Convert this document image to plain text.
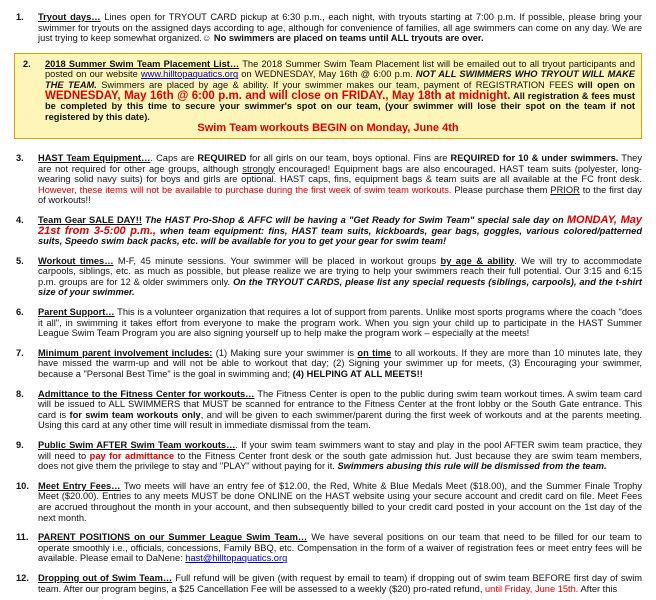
1.	Tryout days… Lines open for TRYOUT CARD pickup at 6:30 p.m., each night, with tryouts starting at 7:00 p.m. If possible, please bring your swimmer for tryouts on the assigned days according to age, although for convenience of families, all age swimmers can come on any day. We are just trying to keep somewhat organized.☺ No swimmers are placed on teams until ALL tryouts are over.
2.	2018 Summer Swim Team Placement List… The 2018 Summer Swim Team Placement list will be emailed out to all tryout participants and posted on our website www.hilltopaquatics.org on WEDNESDAY, May 16th @ 6:00 p.m. NOT ALL SWIMMERS WHO TRYOUT WILL MAKE THE TEAM. Swimmers are placed by age & ability. If your swimmer makes our team, payment of REGISTRATION FEES will open on WEDNESDAY, May 16th @ 6:00 p.m. and will close on FRIDAY., May 18th at midnight. All registration & fees must be completed by this time to secure your swimmer's spot on our team, (your swimmer will lose their spot on the team if not registered by this date).
Swim Team workouts BEGIN on Monday, June 4th
3.	HAST Team Equipment…. Caps are REQUIRED for all girls on our team, boys optional. Fins are REQUIRED for 10 & under swimmers. They are not required for other age groups, although strongly encouraged! Equipment bags are also encouraged. HAST team suits (polyester, long-wearing solid navy suits) for boys and girls are optional. HAST caps, fins, equipment bags & team suits are all available at the FC front desk. However, these items will not be available to purchase during the first week of swim team workouts. Please purchase them PRIOR to the first day of workouts!!
4.	Team Gear SALE DAY!! The HAST Pro-Shop & AFFC will be having a "Get Ready for Swim Team" special sale day on MONDAY, May 21st from 3-5:00 p.m., when team equipment: fins, HAST team suits, kickboards, gear bags, goggles, various colored/patterned suits, Speedo swim back packs, etc. will be available for you to get your gear for swim team!
5.	Workout times… M-F, 45 minute sessions. Your swimmer will be placed in workout groups by age & ability. We will try to accommodate carpools, siblings, etc. as much as possible, but please realize we are trying to help your swimmers reach their full potential. Our 3:15 and 6:15 p.m. groups are for 12 & older swimmers only. On the TRYOUT CARDS, please list any special requests (siblings, carpools), and the t-shirt size of your swimmer.
6.	Parent Support… This is a volunteer organization that requires a lot of support from parents. Unlike most sports programs where the coach "does it all", in swimming it takes effort from everyone to make the program work. When you sign your child up to participate in the HAST Summer League Swim Team Program you are also signing yourself up to help make the program work – especially at the meets!
7.	Minimum parent involvement includes: (1) Making sure your swimmer is on time to all workouts. If they are more than 10 minutes late, they have missed the warm-up and will not be able to workout that day; (2) Signing your swimmer up for meets, (3) Encouraging your swimmer, because a "Personal Best Time" is the goal in swimming and; (4) HELPING AT ALL MEETS!!
8.	Admittance to the Fitness Center for workouts… The Fitness Center is open to the public during swim team workout times. A swim team card will be issued to ALL SWIMMERS that MUST be scanned for entrance to the Fitness Center at the front lobby or the South Gate entrance. This card is for swim team workouts only, and will be given to each swimmer/parent during the first week of workouts and at the parents meeting. Using this card at any other time will result in immediate dismissal from the team.
9.	Public Swim AFTER Swim Team workouts…. If your swim team swimmers want to stay and play in the pool AFTER swim team practice, they will need to pay for admittance to the Fitness Center front desk or the south gate admission hut. Just because they are swim team members, does not give them the privilege to stay and "PLAY" without paying for it. Swimmers abusing this rule will be dismissed from the team.
10. Meet Entry Fees… Two meets will have an entry fee of $12.00, the Red, White & Blue Medals Meet ($18.00), and the Summer Finale Trophy Meet ($20.00). Entries to any meets MUST be done ONLINE on the HAST website using your secure account and credit card on file. Meet Fees are accrued throughout the month in your account, and then subsequently billed to your credit card posted in your account on the 1st day of the next month.
11.	PARENT POSITIONS on our Summer League Swim Team… We have several positions on our team that need to be filled for our team to operate smoothly i.e., officials, concessions, Family BBQ, etc. Compensation in the form of a waiver of registration fees or meet entry fees will be available. Please email to DaNene: hast@hilltopaquatics.org
12. Dropping out of Swim Team… Full refund will be given (with request by email to team) if dropping out of swim team BEFORE first day of swim team. After our program begins, a $25 Cancellation Fee will be assessed to a weekly ($20) pro-rated refund, until Friday, June 15th. After this
